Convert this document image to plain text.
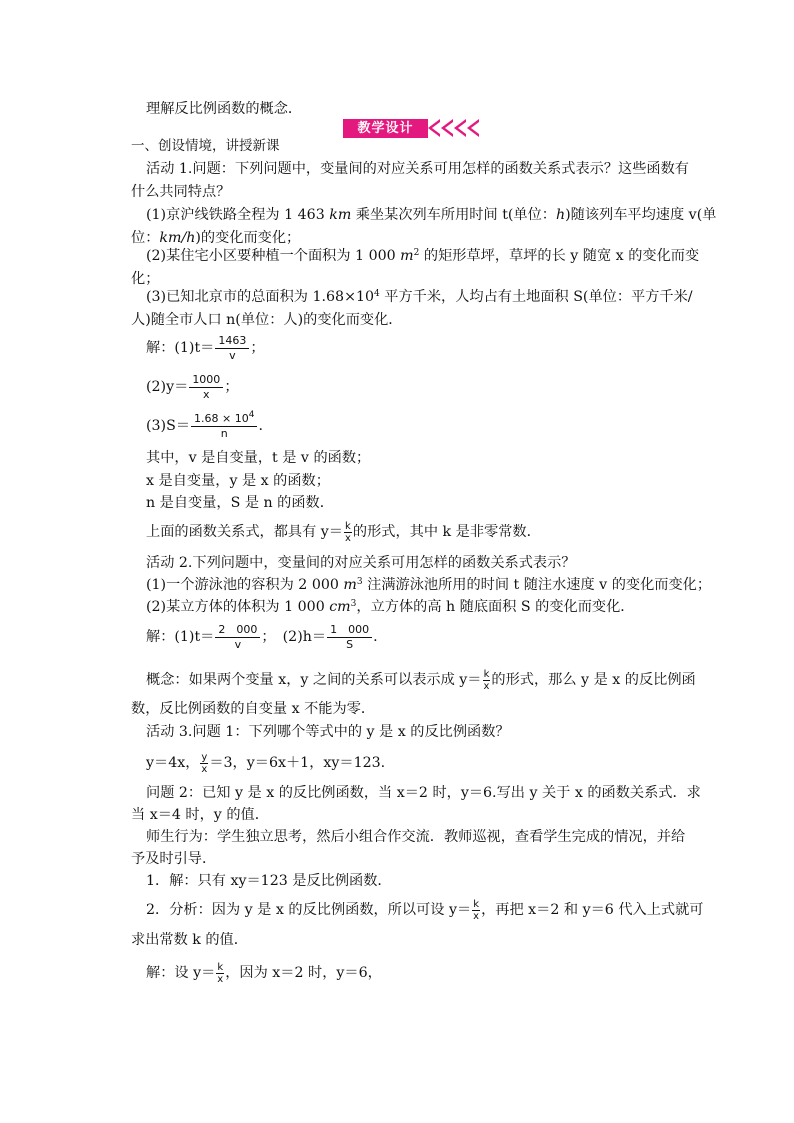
理解反比例函数的概念．
教学设计
一、创设情境，讲授新课
活动 1.问题：下列问题中，变量间的对应关系可用怎样的函数关系式表示？这些函数有
什么共同特点？
(1)京沪线铁路全程为 1 463 km 乘坐某次列车所用时间 t(单位：h)随该列车平均速度 v(单
位：km/h)的变化而变化；
(2)某住宅小区要种植一个面积为 1 000 $m^2$ 的矩形草坪，草坪的长 y 随宽 x 的变化而变
化；
(3)已知北京市的总面积为 $1.68\times 10^4$ 平方千米，人均占有土地面积 S(单位：平方千米/
人)随全市人口 n(单位：人)的变化而变化．
解：$(1)t= \frac{1463}{v}$ ；
$(2)y= \frac{1000}{x}$ ；
$(3)S= \frac{1.68 \times 10^4}{n}$ .
其中，v 是自变量，t 是 v 的函数；
x 是自变量，y 是 x 的函数；
n 是自变量，S 是 n 的函数．
上面的函数关系式，都具有 $y= \frac{k}{x}$ 的形式，其中 k 是非零常数．
活动 2.下列问题中，变量间的对应关系可用怎样的函数关系式表示？
(1)一个游泳池的容积为 2 000 $m^3$ 注满游泳池所用的时间 t 随注水速度 v 的变化而变化；
(2)某立方体的体积为 1 000 $cm^3$，立方体的高 h 随底面积 S 的变化而变化．
解：$(1)t= \frac{2 000}{v}$ ；　$(2)h= \frac{1 000}{S}$ .
概念：如果两个变量 x，y 之间的关系可以表示成 $y= \frac{k}{x}$ 的形式，那么 y 是 x 的反比例函
数，反比例函数的自变量 x 不能为零．
活动 3.问题 1：下列哪个等式中的 y 是 x 的反比例函数？
y＝4x， $\frac{y}{x} =3$，y＝6x＋1，xy＝123.
问题 2：已知 y 是 x 的反比例函数，当 x＝2 时，y＝6.写出 y 关于 x 的函数关系式．求
当 x＝4 时，y 的值．
师生行为：学生独立思考，然后小组合作交流．教师巡视，查看学生完成的情况，并给
予及时引导．
1．解：只有 xy＝123 是反比例函数．
2．分析：因为 y 是 x 的反比例函数，所以可设 $y= \frac{k}{x}$ ，再把 x＝2 和 y＝6 代入上式就可
求出常数 k 的值．
解：设 $y= \frac{k}{x}$ ，因为 x＝2 时，y＝6，
